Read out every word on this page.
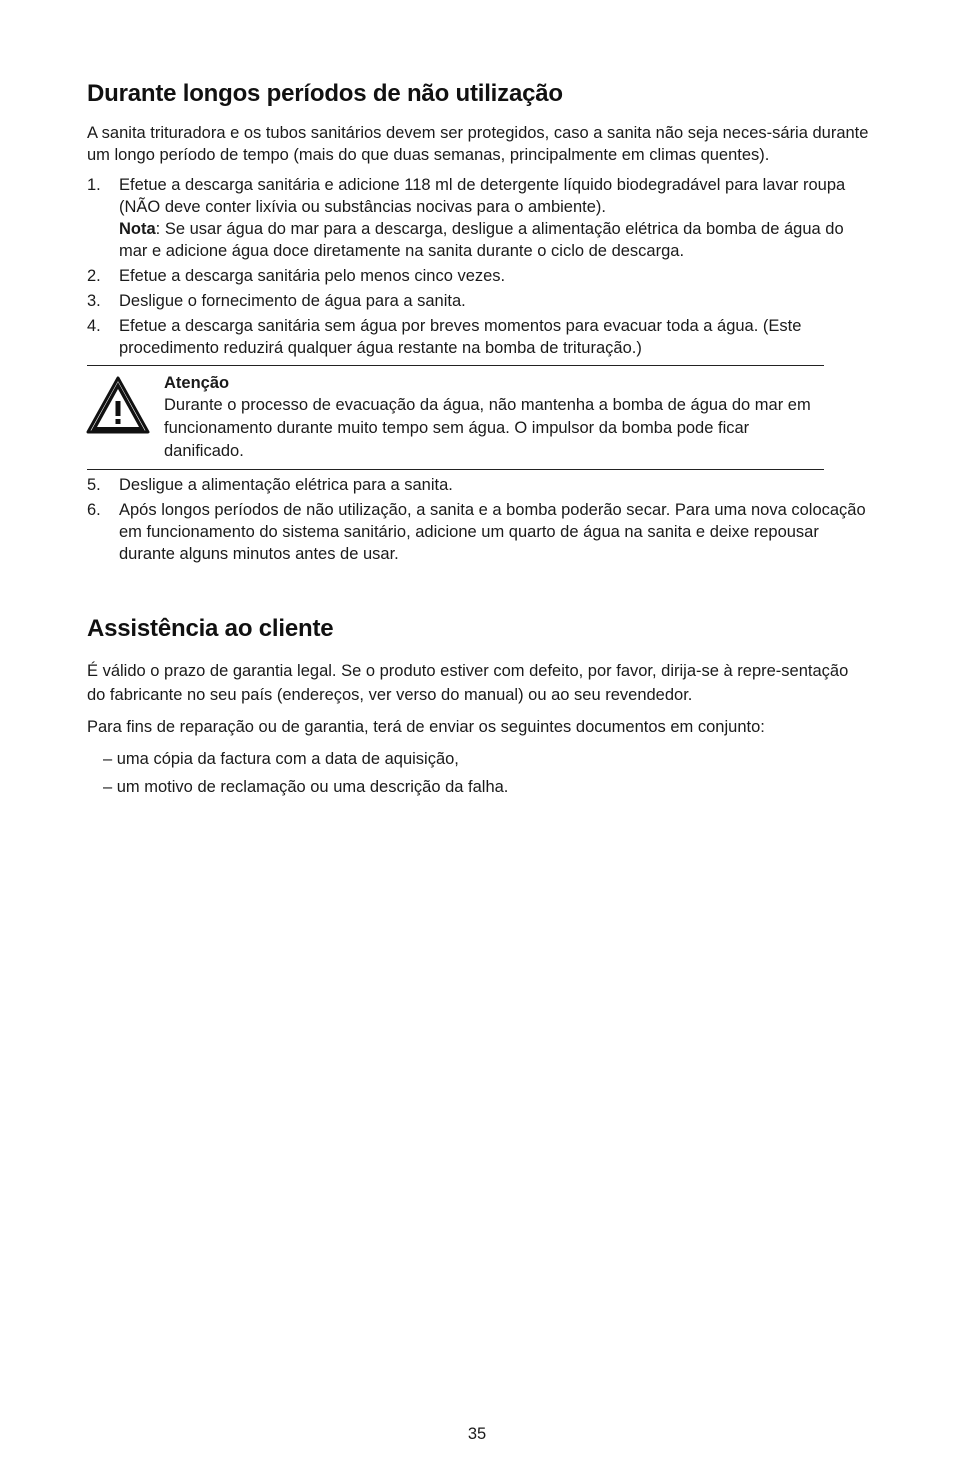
Durante longos períodos de não utilização

A sanita trituradora e os tubos sanitários devem ser protegidos, caso a sanita não seja neces-sária durante um longo período de tempo (mais do que duas semanas, principalmente em climas quentes).

1. Efetue a descarga sanitária e adicione 118 ml de detergente líquido biodegradável para lavar roupa (NÃO deve conter lixívia ou substâncias nocivas para o ambiente).
Nota: Se usar água do mar para a descarga, desligue a alimentação elétrica da bomba de água do mar e adicione água doce diretamente na sanita durante o ciclo de descarga.
2. Efetue a descarga sanitária pelo menos cinco vezes.
3. Desligue o fornecimento de água para a sanita.
4. Efetue a descarga sanitária sem água por breves momentos para evacuar toda a água. (Este procedimento reduzirá qualquer água restante na bomba de trituração.)
Atenção
Durante o processo de evacuação da água, não mantenha a bomba de água do mar em funcionamento durante muito tempo sem água. O impulsor da bomba pode ficar danificado.
5. Desligue a alimentação elétrica para a sanita.
6. Após longos períodos de não utilização, a sanita e a bomba poderão secar. Para uma nova colocação em funcionamento do sistema sanitário, adicione um quarto de água na sanita e deixe repousar durante alguns minutos antes de usar.
Assistência ao cliente

É válido o prazo de garantia legal. Se o produto estiver com defeito, por favor, dirija-se à repre-sentação do fabricante no seu país (endereços, ver verso do manual) ou ao seu revendedor.

Para fins de reparação ou de garantia, terá de enviar os seguintes documentos em conjunto:

– uma cópia da factura com a data de aquisição,
– um motivo de reclamação ou uma descrição da falha.
35
